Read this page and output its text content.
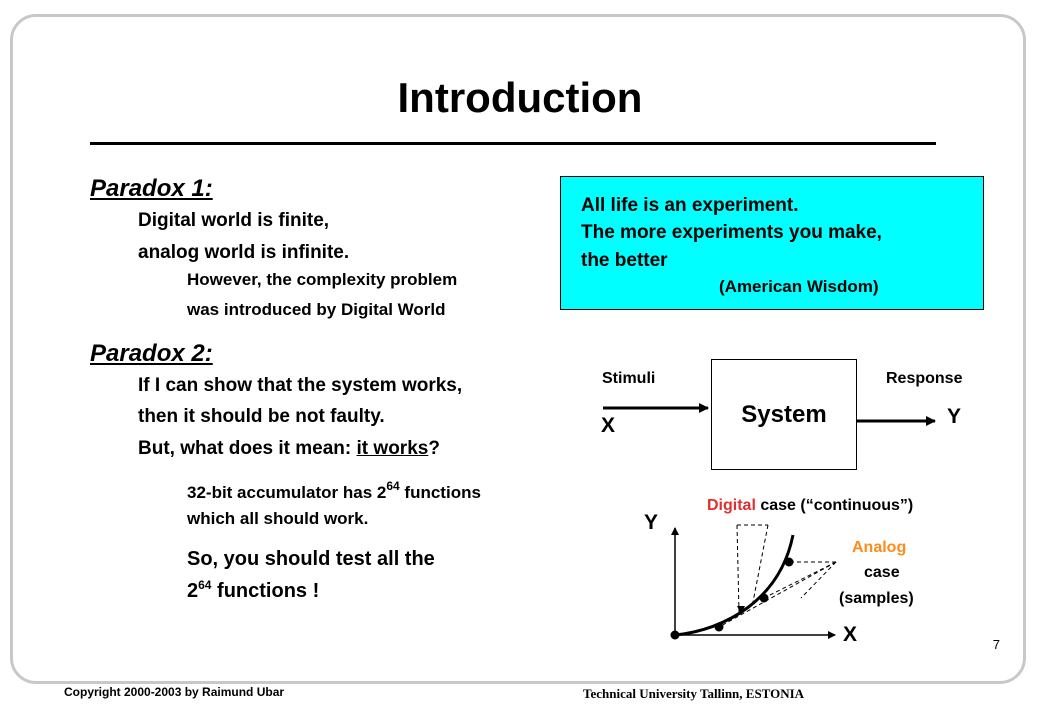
Introduction
Paradox 1:
Digital world is finite,
analog world is infinite.
However, the complexity problem
was introduced by Digital World
Paradox 2:
If I can show that the system works,
then it should be not faulty.
But, what does it mean: it works?
32-bit accumulator has $2^{64}$ functions
which all should work.
So, you should test all the
$2^{64}$ functions !
All life is an experiment.
The more experiments you make,
the better
(American Wisdom)
Stimuli	Response
X	Y
System
Y
X
Digital case (“continuous”)
Analog
case
(samples)
7
Copyright 2000-2003 by Raimund Ubar	Technical University Tallinn, ESTONIA
